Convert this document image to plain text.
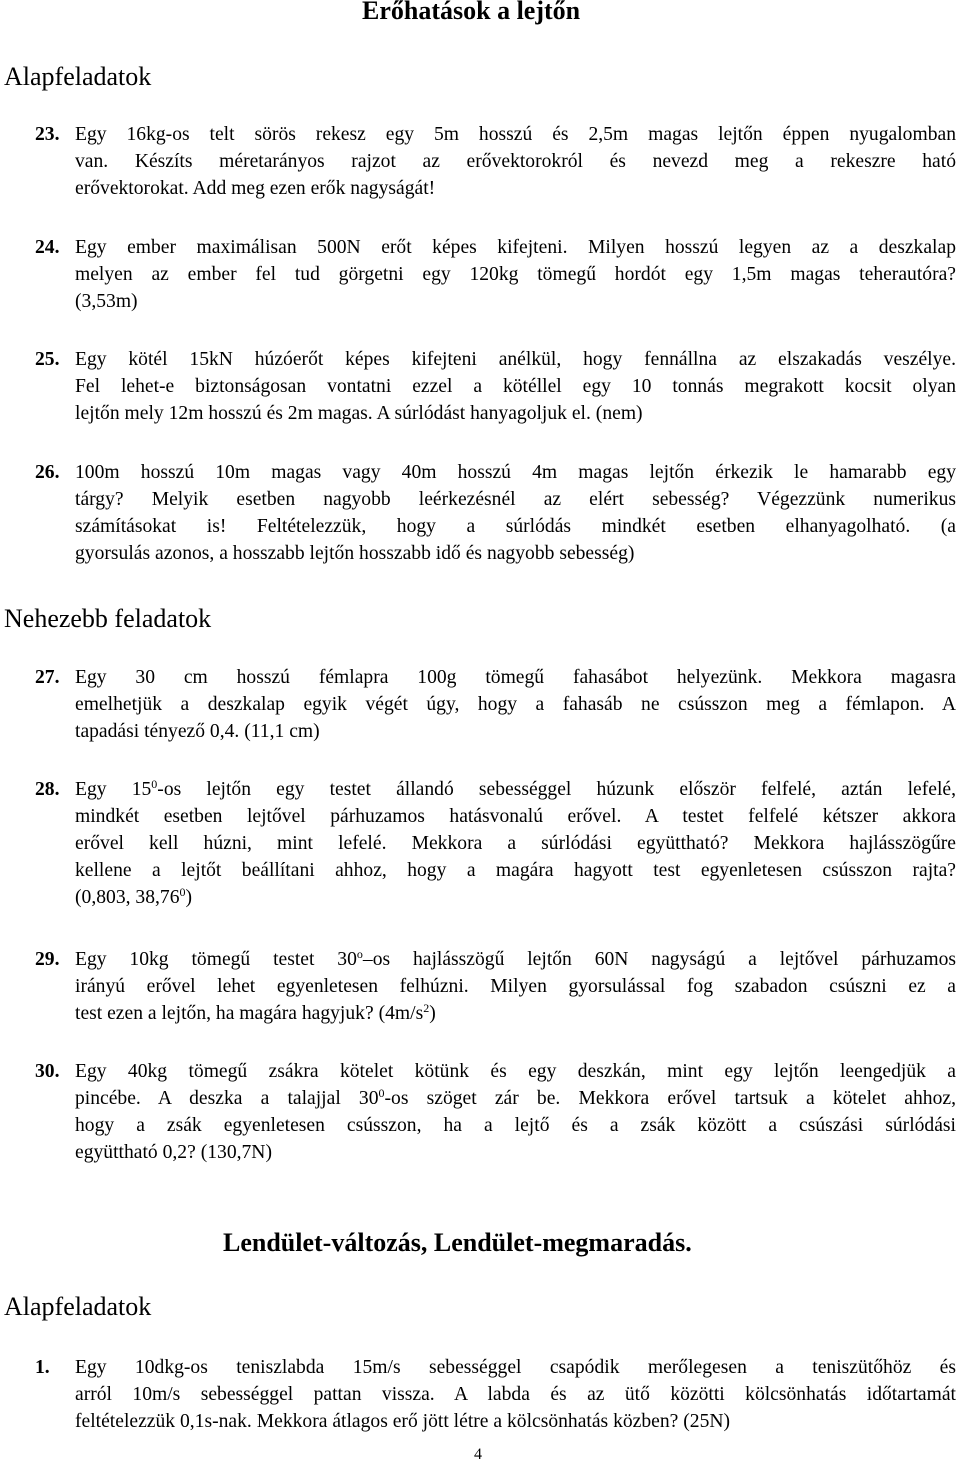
Erőhatások a lejtőn
Alapfeladatok
23. Egy 16kg-os telt sörös rekesz egy 5m hosszú és 2,5m magas lejtőn éppen nyugalomban
van. Készíts méretarányos rajzot az erővektorokról és nevezd meg a rekeszre ható
erővektorokat. Add meg ezen erők nagyságát!
24. Egy ember maximálisan 500N erőt képes kifejteni. Milyen hosszú legyen az a deszkalap
melyen az ember fel tud görgetni egy 120kg tömegű hordót egy 1,5m magas teherautóra?
(3,53m)
25. Egy kötél 15kN húzóerőt képes kifejteni anélkül, hogy fennállna az elszakadás veszélye.
Fel lehet-e biztonságosan vontatni ezzel a kötéllel egy 10 tonnás megrakott kocsit olyan
lejtőn mely 12m hosszú és 2m magas. A súrlódást hanyagoljuk el. (nem)
26. 100m hosszú 10m magas vagy 40m hosszú 4m magas lejtőn érkezik le hamarabb egy
tárgy? Melyik esetben nagyobb leérkezésnél az elért sebesség? Végezzünk numerikus
számításokat is! Feltételezzük, hogy a súrlódás mindkét esetben elhanyagolható. (a
gyorsulás azonos, a hosszabb lejtőn hosszabb idő és nagyobb sebesség)
Nehezebb feladatok
27. Egy 30 cm hosszú fémlapra 100g tömegű fahasábot helyezünk. Mekkora magasra
emelhetjük a deszkalap egyik végét úgy, hogy a fahasáb ne csússzon meg a fémlapon. A
tapadási tényező 0,4. (11,1 cm)
28. Egy $15^0-os$ lejtőn egy testet állandó sebességgel húzunk először felfelé, aztán lefelé,
mindkét esetben lejtővel párhuzamos hatásvonalú erővel. A testet felfelé kétszer akkora
erővel kell húzni, mint lefelé. Mekkora a súrlódási együttható? Mekkora hajlásszögűre
kellene a lejtőt beállítani ahhoz, hogy a magára hagyott test egyenletesen csússzon rajta?
(0,803, 38,76$^0$)
29. Egy 10kg tömegű testet 30$^o$–os hajlásszögű lejtőn 60N nagyságú a lejtővel párhuzamos
irányú erővel lehet egyenletesen felhúzni. Milyen gyorsulással fog szabadon csúszni ez a
test ezen a lejtőn, ha magára hagyjuk? $(4m/s^2)$
30. Egy 40kg tömegű zsákra kötelet kötünk és egy deszkán, mint egy lejtőn leengedjük a
pincébe. A deszka a talajjal $30^0-os$ szöget zár be. Mekkora erővel tartsuk a kötelet ahhoz,
hogy a zsák egyenletesen csússzon, ha a lejtő és a zsák között a csúszási súrlódási
együttható 0,2? (130,7N)
Lendület-változás, Lendület-megmaradás.
Alapfeladatok
1. Egy 10dkg-os teniszlabda 15m/s sebességgel csapódik merőlegesen a teniszütőhöz és
arról 10m/s sebességgel pattan vissza. A labda és az ütő közötti kölcsönhatás időtartamát
feltételezzük 0,1s-nak. Mekkora átlagos erő jött létre a kölcsönhatás közben? (25N)
4
